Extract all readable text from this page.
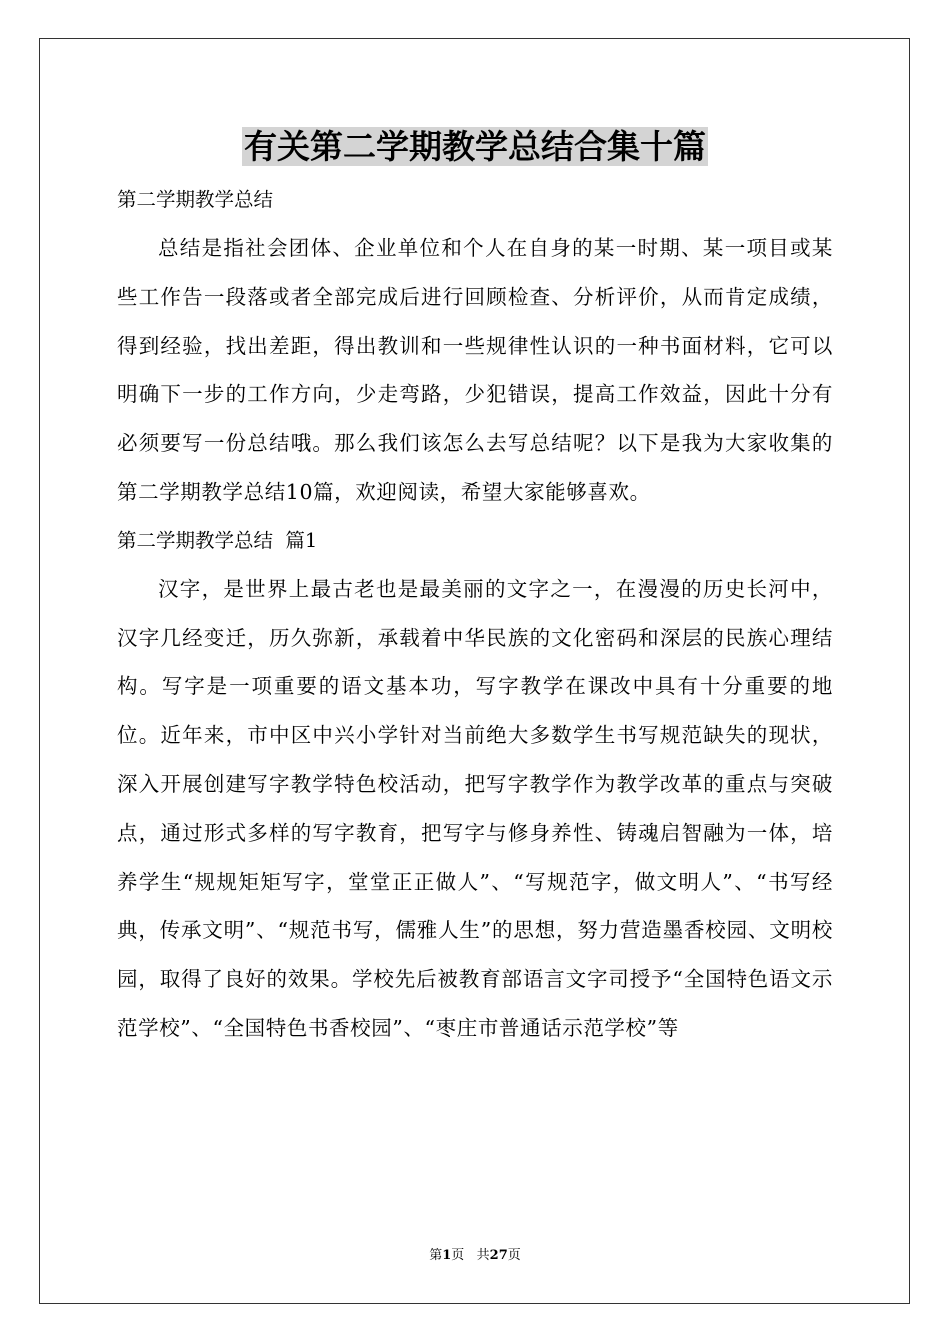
有关第二学期教学总结合集十篇
第二学期教学总结

总结是指社会团体、企业单位和个人在自身的某一时期、某一项目或某些工作告一段落或者全部完成后进行回顾检查、分析评价，从而肯定成绩，得到经验，找出差距，得出教训和一些规律性认识的一种书面材料，它可以明确下一步的工作方向，少走弯路，少犯错误，提高工作效益，因此十分有必须要写一份总结哦。那么我们该怎么去写总结呢？以下是我为大家收集的第二学期教学总结10篇，欢迎阅读，希望大家能够喜欢。

第二学期教学总结  篇1

汉字，是世界上最古老也是最美丽的文字之一，在漫漫的历史长河中，汉字几经变迁，历久弥新，承载着中华民族的文化密码和深层的民族心理结构。写字是一项重要的语文基本功，写字教学在课改中具有十分重要的地位。近年来，市中区中兴小学针对当前绝大多数学生书写规范缺失的现状，深入开展创建写字教学特色校活动，把写字教学作为教学改革的重点与突破点，通过形式多样的写字教育，把写字与修身养性、铸魂启智融为一体，培养学生“规规矩矩写字，堂堂正正做人”、“写规范字，做文明人”、“书写经典，传承文明”、“规范书写，儒雅人生”的思想，努力营造墨香校园、文明校园，取得了良好的效果。学校先后被教育部语言文字司授予“全国特色语文示范学校”、“全国特色书香校园”、“枣庄市普通话示范学校”等

第1页   共27页
